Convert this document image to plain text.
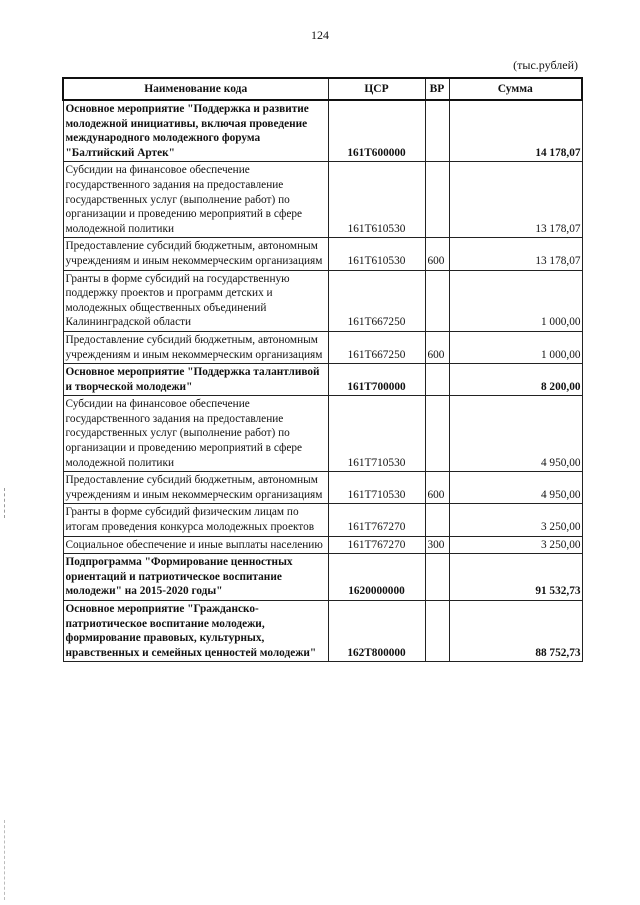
124
(тыс.рублей)
Наименование кода	ЦСР	ВР	Сумма
Основное мероприятие "Поддержка и развитие молодежной инициативы, включая проведение международного молодежного форума "Балтийский Артек"	161Т600000		14 178,07
Субсидии на финансовое обеспечение государственного задания на предоставление государственных услуг (выполнение работ) по организации и проведению мероприятий в сфере молодежной политики	161Т610530		13 178,07
Предоставление субсидий бюджетным, автономным учреждениям и иным некоммерческим организациям	161Т610530	600	13 178,07
Гранты в форме субсидий на государственную поддержку проектов и программ детских и молодежных общественных объединений Калининградской области	161Т667250		1 000,00
Предоставление субсидий бюджетным, автономным учреждениям и иным некоммерческим организациям	161Т667250	600	1 000,00
Основное мероприятие "Поддержка талантливой и творческой молодежи"	161Т700000		8 200,00
Субсидии на финансовое обеспечение государственного задания на предоставление государственных услуг (выполнение работ) по организации и проведению мероприятий в сфере молодежной политики	161Т710530		4 950,00
Предоставление субсидий бюджетным, автономным учреждениям и иным некоммерческим организациям	161Т710530	600	4 950,00
Гранты в форме субсидий физическим лицам по итогам проведения конкурса молодежных проектов	161Т767270		3 250,00
Социальное обеспечение и иные выплаты населению	161Т767270	300	3 250,00
Подпрограмма "Формирование ценностных ориентаций и патриотическое воспитание молодежи" на 2015-2020 годы"	1620000000		91 532,73
Основное мероприятие "Гражданско-патриотическое воспитание молодежи, формирование правовых, культурных, нравственных и семейных ценностей молодежи"	162Т800000		88 752,73
